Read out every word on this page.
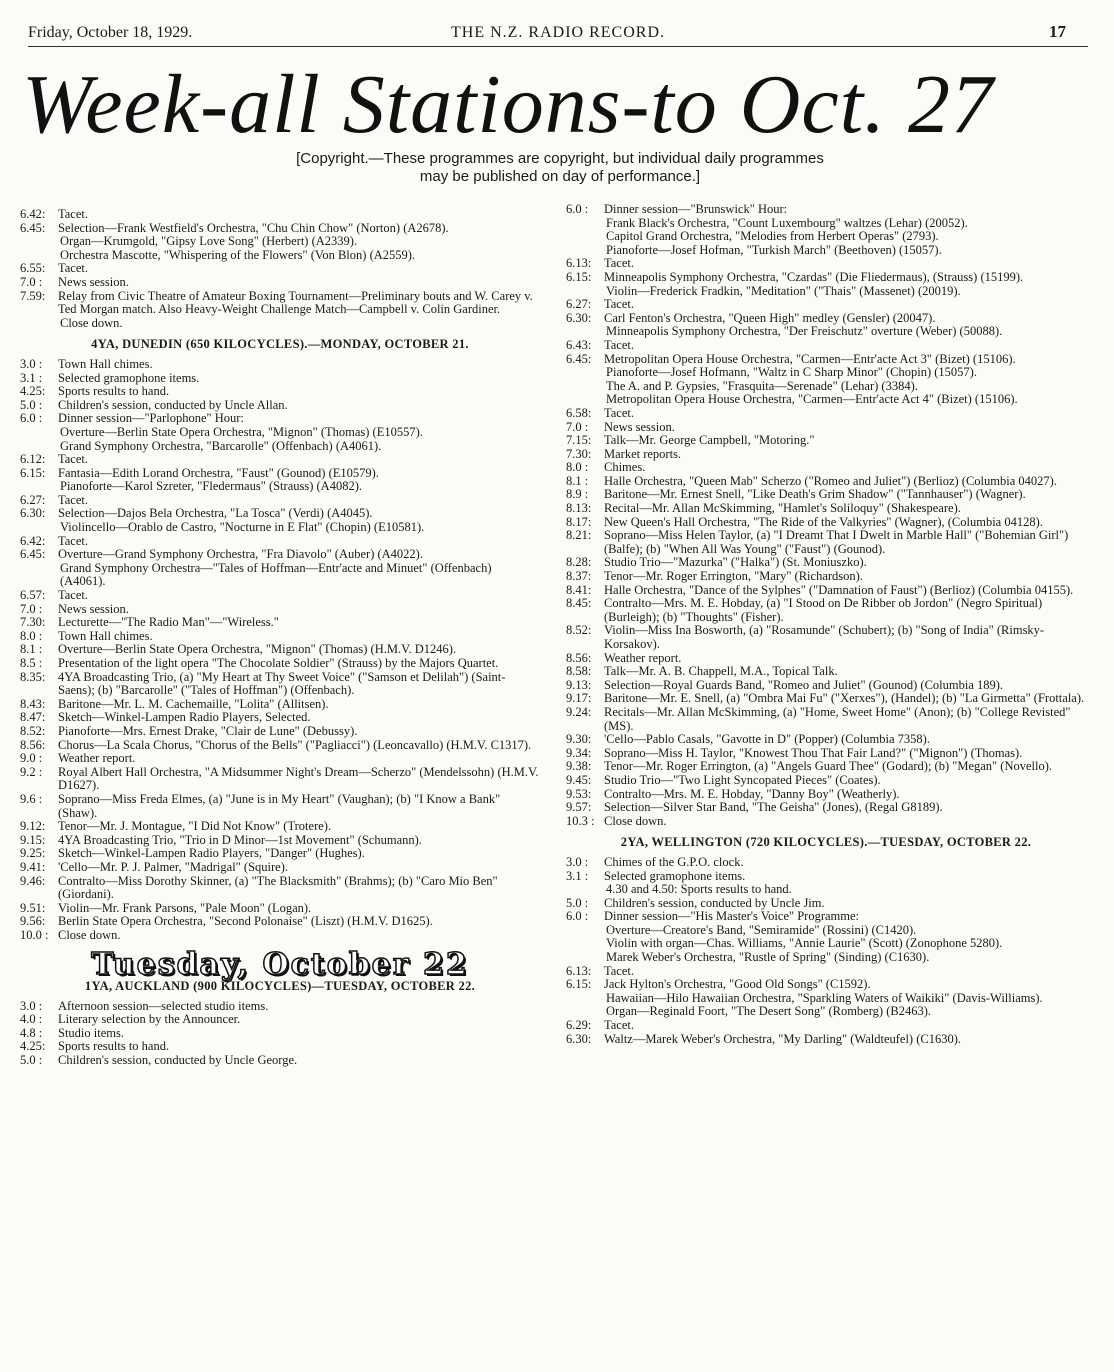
Friday, October 18, 1929.	THE N.Z. RADIO RECORD.	17
Week-all Stations-to Oct. 27
[Copyright.—These programmes are copyright, but individual daily programmes may be published on day of performance.]
6.42:	Tacet.
6.45:	Selection—Frank Westfield's Orchestra, "Chu Chin Chow" (Norton) (A2678).
Organ—Krumgold, "Gipsy Love Song" (Herbert) (A2339).
Orchestra Mascotte, "Whispering of the Flowers" (Von Blon) (A2559).
6.55:	Tacet.
7.0 :	News session.
7.59:	Relay from Civic Theatre of Amateur Boxing Tournament—Preliminary bouts and W. Carey v. Ted Morgan match. Also Heavy-Weight Challenge Match—Campbell v. Colin Gardiner.
Close down.
4YA, DUNEDIN (650 KILOCYCLES).—MONDAY, OCTOBER 21.
3.0 :	Town Hall chimes.
3.1 :	Selected gramophone items.
4.25:	Sports results to hand.
5.0 :	Children's session, conducted by Uncle Allan.
6.0 :	Dinner session—"Parlophone" Hour:
Overture—Berlin State Opera Orchestra, "Mignon" (Thomas) (E10557).
Grand Symphony Orchestra, "Barcarolle" (Offenbach) (A4061).
6.12:	Tacet.
6.15:	Fantasia—Edith Lorand Orchestra, "Faust" (Gounod) (E10579).
Pianoforte—Karol Szreter, "Fledermaus" (Strauss) (A4082).
6.27:	Tacet.
6.30:	Selection—Dajos Bela Orchestra, "La Tosca" (Verdi) (A4045).
Violincello—Orablo de Castro, "Nocturne in E Flat" (Chopin) (E10581).
6.42:	Tacet.
6.45:	Overture—Grand Symphony Orchestra, "Fra Diavolo" (Auber) (A4022).
Grand Symphony Orchestra—"Tales of Hoffman—Entr'acte and Minuet" (Offenbach) (A4061).
6.57:	Tacet.
7.0 :	News session.
7.30:	Lecturette—"The Radio Man"—"Wireless."
8.0 :	Town Hall chimes.
8.1 :	Overture—Berlin State Opera Orchestra, "Mignon" (Thomas) (H.M.V. D1246).
8.5 :	Presentation of the light opera "The Chocolate Soldier" (Strauss) by the Majors Quartet.
8.35:	4YA Broadcasting Trio, (a) "My Heart at Thy Sweet Voice" ("Samson et Delilah") (Saint-Saens); (b) "Barcarolle" ("Tales of Hoffman") (Offenbach).
8.43:	Baritone—Mr. L. M. Cachemaille, "Lolita" (Allitsen).
8.47:	Sketch—Winkel-Lampen Radio Players, Selected.
8.52:	Pianoforte—Mrs. Ernest Drake, "Clair de Lune" (Debussy).
8.56:	Chorus—La Scala Chorus, "Chorus of the Bells" ("Pagliacci") (Leoncavallo) (H.M.V. C1317).
9.0 :	Weather report.
9.2 :	Royal Albert Hall Orchestra, "A Midsummer Night's Dream—Scherzo" (Mendelssohn) (H.M.V. D1627).
9.6 :	Soprano—Miss Freda Elmes, (a) "June is in My Heart" (Vaughan); (b) "I Know a Bank" (Shaw).
9.12:	Tenor—Mr. J. Montague, "I Did Not Know" (Trotere).
9.15:	4YA Broadcasting Trio, "Trio in D Minor—1st Movement" (Schumann).
9.25:	Sketch—Winkel-Lampen Radio Players, "Danger" (Hughes).
9.41:	'Cello—Mr. P. J. Palmer, "Madrigal" (Squire).
9.46:	Contralto—Miss Dorothy Skinner, (a) "The Blacksmith" (Brahms); (b) "Caro Mio Ben" (Giordani).
9.51:	Violin—Mr. Frank Parsons, "Pale Moon" (Logan).
9.56:	Berlin State Opera Orchestra, "Second Polonaise" (Liszt) (H.M.V. D1625).
10.0 : Close down.
Tuesday, October 22
1YA, AUCKLAND (900 KILOCYCLES)—TUESDAY, OCTOBER 22.
3.0 :	Afternoon session—selected studio items.
4.0 :	Literary selection by the Announcer.
4.8 :	Studio items.
4.25:	Sports results to hand.
5.0 :	Children's session, conducted by Uncle George.
6.0 :	Dinner session—"Brunswick" Hour:
Frank Black's Orchestra, "Count Luxembourg" waltzes (Lehar) (20052).
Capitol Grand Orchestra, "Melodies from Herbert Operas" (2793).
Pianoforte—Josef Hofman, "Turkish March" (Beethoven) (15057).
6.13:	Tacet.
6.15:	Minneapolis Symphony Orchestra, "Czardas" (Die Fliedermaus), (Strauss) (15199).
Violin—Frederick Fradkin, "Meditation" ("Thais" (Massenet) (20019).
6.27:	Tacet.
6.30:	Carl Fenton's Orchestra, "Queen High" medley (Gensler) (20047).
Minneapolis Symphony Orchestra, "Der Freischutz" overture (Weber) (50088).
6.43:	Tacet.
6.45:	Metropolitan Opera House Orchestra, "Carmen—Entr'acte Act 3" (Bizet) (15106).
Pianoforte—Josef Hofmann, "Waltz in C Sharp Minor" (Chopin) (15057).
The A. and P. Gypsies, "Frasquita—Serenade" (Lehar) (3384).
Metropolitan Opera House Orchestra, "Carmen—Entr'acte Act 4" (Bizet) (15106).
6.58:	Tacet.
7.0 :	News session.
7.15:	Talk—Mr. George Campbell, "Motoring."
7.30:	Market reports.
8.0 :	Chimes.
8.1 :	Halle Orchestra, "Queen Mab" Scherzo ("Romeo and Juliet") (Berlioz) (Columbia 04027).
8.9 :	Baritone—Mr. Ernest Snell, "Like Death's Grim Shadow" ("Tannhauser") (Wagner).
8.13:	Recital—Mr. Allan McSkimming, "Hamlet's Soliloquy" (Shakespeare).
8.17:	New Queen's Hall Orchestra, "The Ride of the Valkyries" (Wagner), (Columbia 04128).
8.21:	Soprano—Miss Helen Taylor, (a) "I Dreamt That I Dwelt in Marble Hall" ("Bohemian Girl") (Balfe); (b) "When All Was Young" ("Faust") (Gounod).
8.28:	Studio Trio—"Mazurka" ("Halka") (St. Moniuszko).
8.37:	Tenor—Mr. Roger Errington, "Mary" (Richardson).
8.41:	Halle Orchestra, "Dance of the Sylphes" ("Damnation of Faust") (Berlioz) (Columbia 04155).
8.45:	Contralto—Mrs. M. E. Hobday, (a) "I Stood on De Ribber ob Jordon" (Negro Spiritual) (Burleigh); (b) "Thoughts" (Fisher).
8.52:	Violin—Miss Ina Bosworth, (a) "Rosamunde" (Schubert); (b) "Song of India" (Rimsky-Korsakov).
8.56:	Weather report.
8.58:	Talk—Mr. A. B. Chappell, M.A., Topical Talk.
9.13:	Selection—Royal Guards Band, "Romeo and Juliet" (Gounod) (Columbia 189).
9.17:	Baritone—Mr. E. Snell, (a) "Ombra Mai Fu" ("Xerxes"), (Handel); (b) "La Girmetta" (Frottala).
9.24:	Recitals—Mr. Allan McSkimming, (a) "Home, Sweet Home" (Anon); (b) "College Revisted" (MS).
9.30:	'Cello—Pablo Casals, "Gavotte in D" (Popper) (Columbia 7358).
9.34:	Soprano—Miss H. Taylor, "Knowest Thou That Fair Land?" ("Mignon") (Thomas).
9.38:	Tenor—Mr. Roger Errington, (a) "Angels Guard Thee" (Godard); (b) "Megan" (Novello).
9.45:	Studio Trio—"Two Light Syncopated Pieces" (Coates).
9.53:	Contralto—Mrs. M. E. Hobday, "Danny Boy" (Weatherly).
9.57:	Selection—Silver Star Band, "The Geisha" (Jones), (Regal G8189).
10.3 : Close down.
2YA, WELLINGTON (720 KILOCYCLES).—TUESDAY, OCTOBER 22.
3.0 :	Chimes of the G.P.O. clock.
3.1 :	Selected gramophone items.
4.30 and 4.50: Sports results to hand.
5.0 :	Children's session, conducted by Uncle Jim.
6.0 :	Dinner session—"His Master's Voice" Programme:
Overture—Creatore's Band, "Semiramide" (Rossini) (C1420).
Violin with organ—Chas. Williams, "Annie Laurie" (Scott) (Zonophone 5280).
Marek Weber's Orchestra, "Rustle of Spring" (Sinding) (C1630).
6.13:	Tacet.
6.15:	Jack Hylton's Orchestra, "Good Old Songs" (C1592).
Hawaiian—Hilo Hawaiian Orchestra, "Sparkling Waters of Waikiki" (Davis-Williams).
Organ—Reginald Foort, "The Desert Song" (Romberg) (B2463).
6.29:	Tacet.
6.30:	Waltz—Marek Weber's Orchestra, "My Darling" (Waldteufel) (C1630).
